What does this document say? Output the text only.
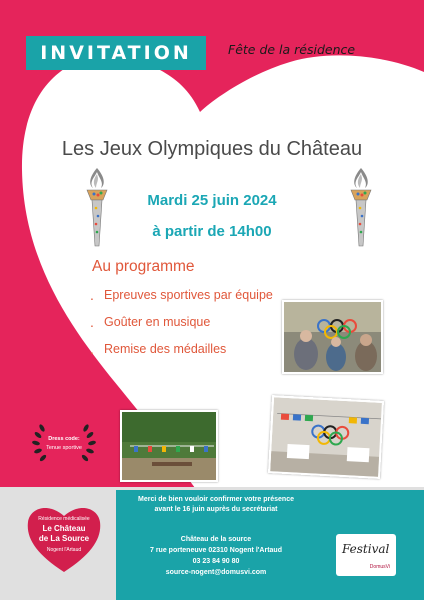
INVITATION	Fête de la résidence
Les Jeux Olympiques du Château
Mardi 25 juin 2024
à partir de 14h00
Au programme
. Epreuves sportives par équipe
. Goûter en musique
. Remise des médailles
Dress code:
Tenue sportive
Résidence médicalisée
Le Château
de La Source
Nogent l'Artaud
Merci de bien vouloir confirmer votre présence
avant le 16 juin auprès du secrétariat
Château de la source
7 rue porteneuve 02310 Nogent l'Artaud
03 23 84 90 80
source-nogent@domusvi.com
Festival
DomusVi
